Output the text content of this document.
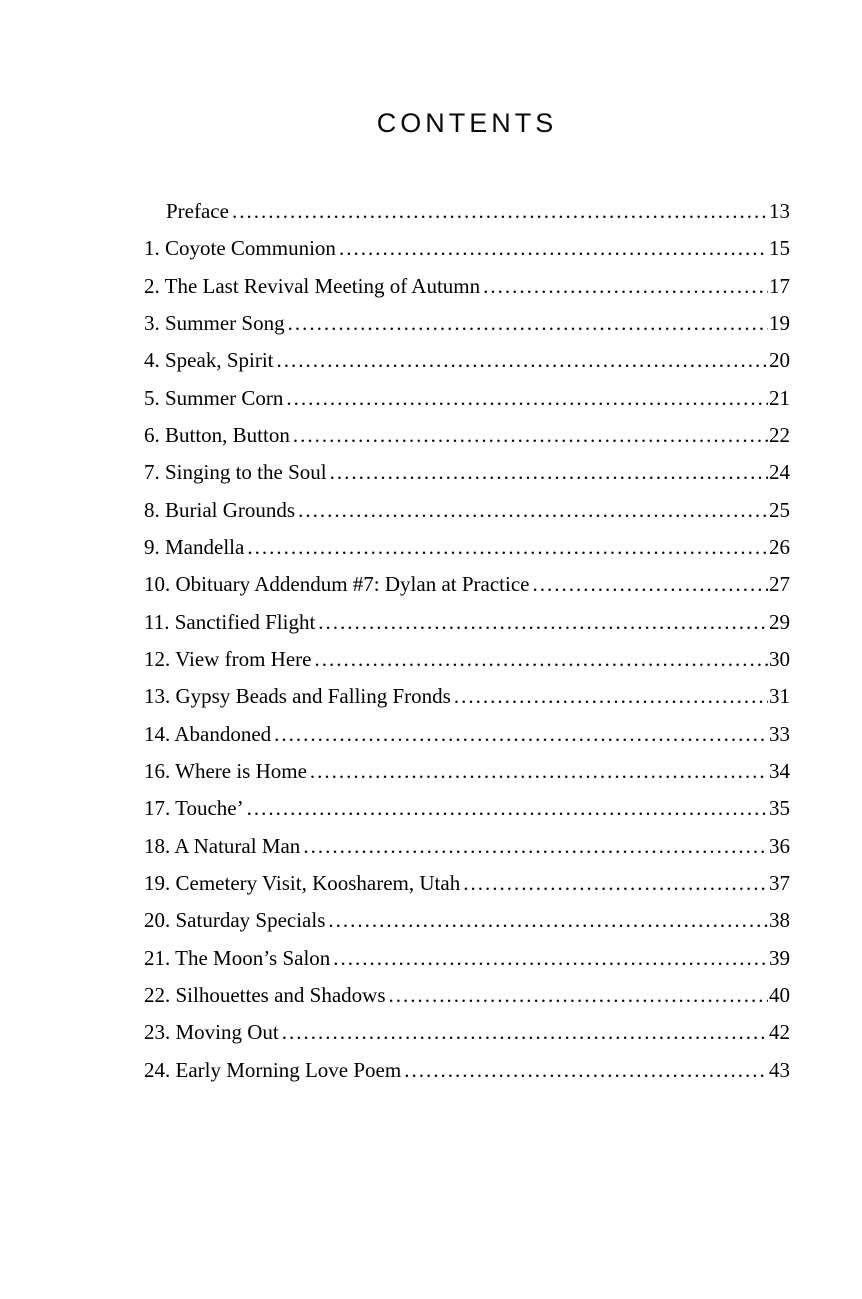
CONTENTS
Preface .....	13
1. Coyote Communion .....	15
2. The Last Revival Meeting of Autumn .....	17
3. Summer Song .....	19
4. Speak, Spirit .....	20
5. Summer Corn .....	21
6. Button, Button .....	22
7. Singing to the Soul .....	24
8. Burial Grounds .....	25
9. Mandella .....	26
10. Obituary Addendum #7: Dylan at Practice .....	27
11. Sanctified Flight .....	29
12. View from Here .....	30
13. Gypsy Beads and Falling Fronds .....	31
14. Abandoned .....	33
16. Where is Home .....	34
17. Touche’ .....	35
18. A Natural Man .....	36
19. Cemetery Visit, Koosharem, Utah .....	37
20. Saturday Specials .....	38
21. The Moon’s Salon .....	39
22. Silhouettes and Shadows .....	40
23. Moving Out .....	42
24. Early Morning Love Poem .....	43
